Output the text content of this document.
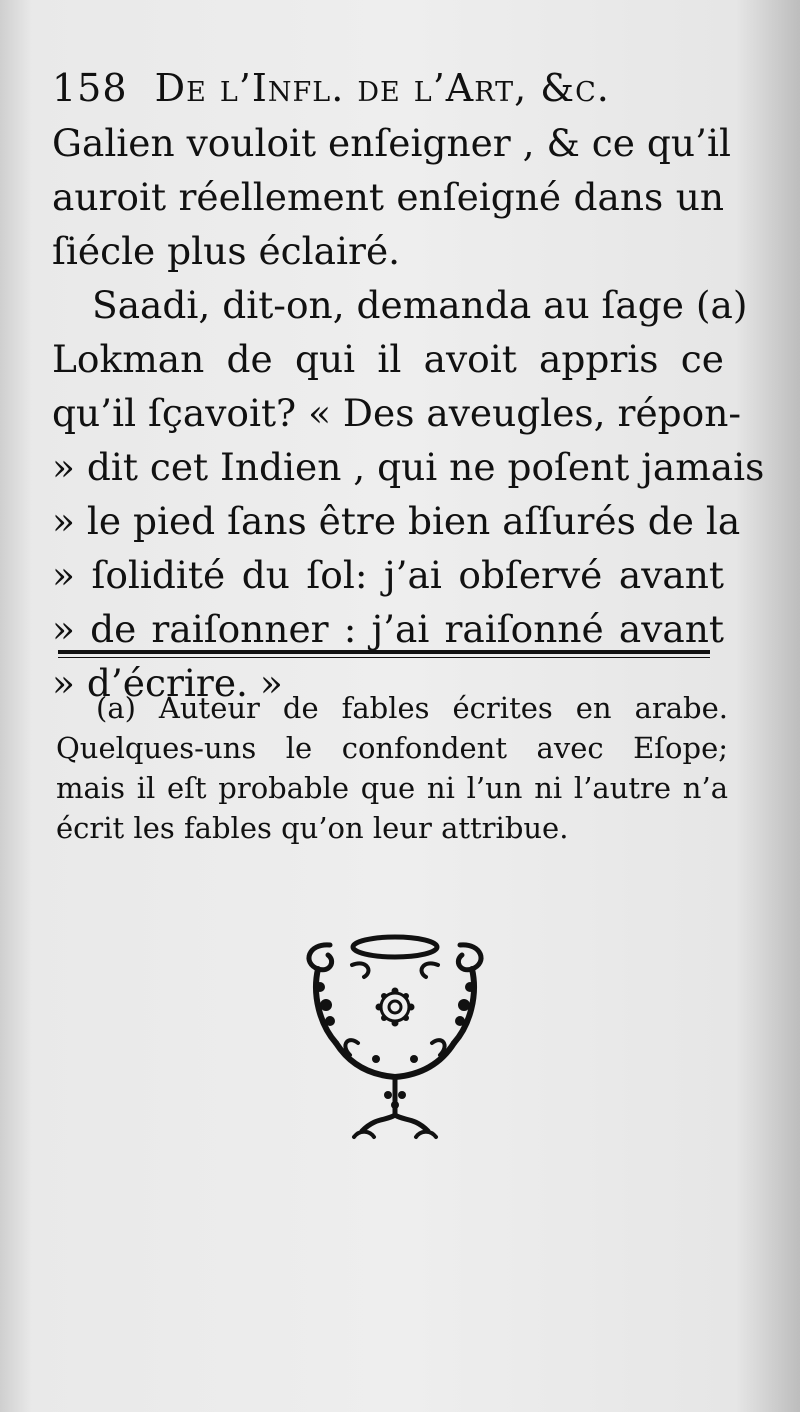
158 De l’Infl. de l’Art, &c.
Galien vouloit enſeigner , & ce qu’il
auroit réellement enſeigné dans un
ſiécle plus éclairé.
Saadi, dit-on, demanda au ſage (a)
Lokman de qui il avoit appris ce
qu’il ſçavoit? « Des aveugles, répon-
» dit cet Indien , qui ne poſent jamais
» le pied ſans être bien aſſurés de la
» ſolidité du ſol: j’ai obſervé avant
» de raiſonner : j’ai raiſonné avant
» d’écrire. »
(a) Auteur de fables écrites en arabe.
Quelques-uns le confondent avec Eſope;
mais il eſt probable que ni l’un ni l’autre n’a
écrit les fables qu’on leur attribue.
